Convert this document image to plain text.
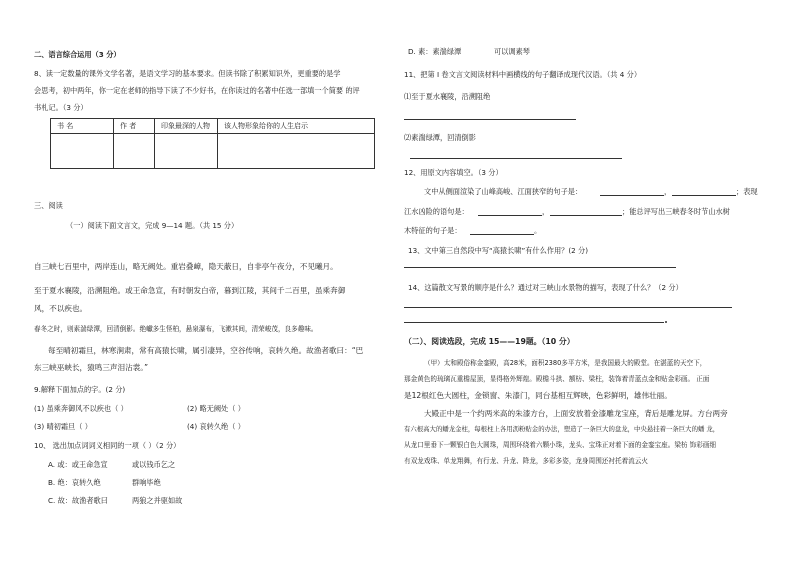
二、语言综合运用（3 分）
8、读一定数量的课外文学名著，是语文学习的基本要求。但读书除了积累知识外，更重要的是学
会思考，初中两年，你一定在老师的指导下读了不少好书，在你读过的名著中任选一部填一个简要 的评
书札记。（3 分）
书 名	作 者	印象最深的人物	该人物形象给你的人生启示

三、阅读
（一）阅读下面文言文，完成 9—14 题。（共 15 分）
自三峡七百里中，两岸连山，略无阙处。重岩叠嶂，隐天蔽日，自非亭午夜分，不见曦月。
至于夏水襄陵，沿溯阻绝。或王命急宣，有时朝发白帝，暮到江陵，其间千二百里，虽乘奔御
风，不以疾也。
春冬之时，则素湍绿潭，回清倒影。绝巘多生怪柏，悬泉瀑布，飞漱其间，清荣峻茂，良多趣味。
每至晴初霜旦，林寒涧肃，常有高猿长啸，属引凄异，空谷传响，哀转久绝。故渔者歌曰：“巴
东三峡巫峡长，猿鸣三声泪沾裳。”
9.解释下面加点的字。(2 分)
(1) 虽乘奔御风不以疾也（ ）	(2) 略无阙处（ ）
(3) 晴初霜旦（ ）	(4) 哀转久绝（ ）
10、 选出加点词词义相同的一项（ ）（2 分）
A. 或：或王命急宣	或以钱币乞之
B. 绝：哀转久绝	群响毕绝
C. 故：故渔者歌曰	两狼之并驱如故
D. 素：素湍绿潭	可以调素琴
11、把第 I 卷文言文阅读材料中画横线的句子翻译成现代汉语。（共 4 分）
⑴至于夏水襄陵，沿溯阻绝
⑵素湍绿潭，回清倒影
12、用原文内容填空。（3 分）
文中从侧面渲染了山峰高峻、江面狭窄的句子是：	，	；表现
江水凶险的语句是：	，	；能总评写出三峡春冬时节山水树
木特征的句子是：	。
13、文中第三自然段中写“高猿长啸”有什么作用？(2 分)
14、这篇散文写景的顺序是什么？通过对三峡山水景物的描写，表现了什么？（2 分）
（二）、阅读选段，完成 15——19题。（10 分）
（甲）太和殿俗称金銮殿，高28米，面积2380多平方米，是我国最大的殿堂。在湛蓝的天空下，
那金黄色的琉璃瓦重檐屋顶，显得格外辉煌。殿檐斗拱、额枋、梁柱，装饰着青蓝点金和贴金彩画。 正面
是12根红色大圆柱，金锁窗、朱漆门，同台基相互辉映，色彩鲜明，雄伟壮丽。
大殿正中是一个约两米高的朱漆方台，上面安放着金漆雕龙宝座，背后是雕龙屏。方台两旁
有六根高大的蟠龙金柱，每根柱上各用沥粉贴金的办法，塑造了一条巨大的盘龙，中央悬挂着一条巨大的蟠 龙，
从龙口里垂下一颗银白色大圆珠，周围环绕着六颗小珠，龙头、宝珠正对着下面的金銮宝座。梁枋 饰彩画细
有双龙戏珠、单龙翔舞，有行龙、升龙、降龙，多彩多姿，龙身周围还衬托着流云火
